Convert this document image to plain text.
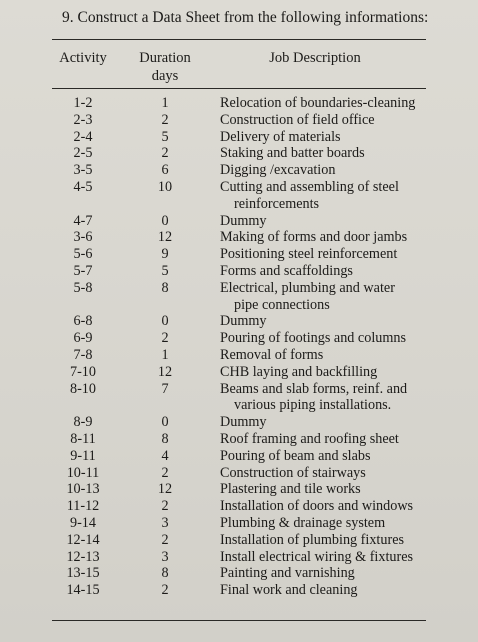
9. Construct a Data Sheet from the following informations:
Activity	Duration
days
Job Description
1-2	1	Relocation of boundaries-cleaning
2-3	2	Construction of field office
2-4	5	Delivery of materials
2-5	2	Staking and batter boards
3-5	6	Digging /excavation
4-5	10	Cutting and assembling of steel
reinforcements
4-7	0	Dummy
3-6	12	Making of forms and door jambs
5-6	9	Positioning steel reinforcement
5-7	5	Forms and scaffoldings
5-8	8	Electrical, plumbing and water
pipe connections
6-8	0	Dummy
6-9	2	Pouring of footings and columns
7-8	1	Removal of forms
7-10	12	CHB laying and backfilling
8-10	7	Beams and slab forms, reinf. and
various piping installations.
8-9	0	Dummy
8-11	8	Roof framing and roofing sheet
9-11	4	Pouring of beam and slabs
10-11	2	Construction of stairways
10-13	12	Plastering and tile works
11-12	2	Installation of doors and windows
9-14	3	Plumbing & drainage system
12-14	2	Installation of plumbing fixtures
12-13	3	Install electrical wiring & fixtures
13-15	8	Painting and varnishing
14-15	2	Final work and cleaning
